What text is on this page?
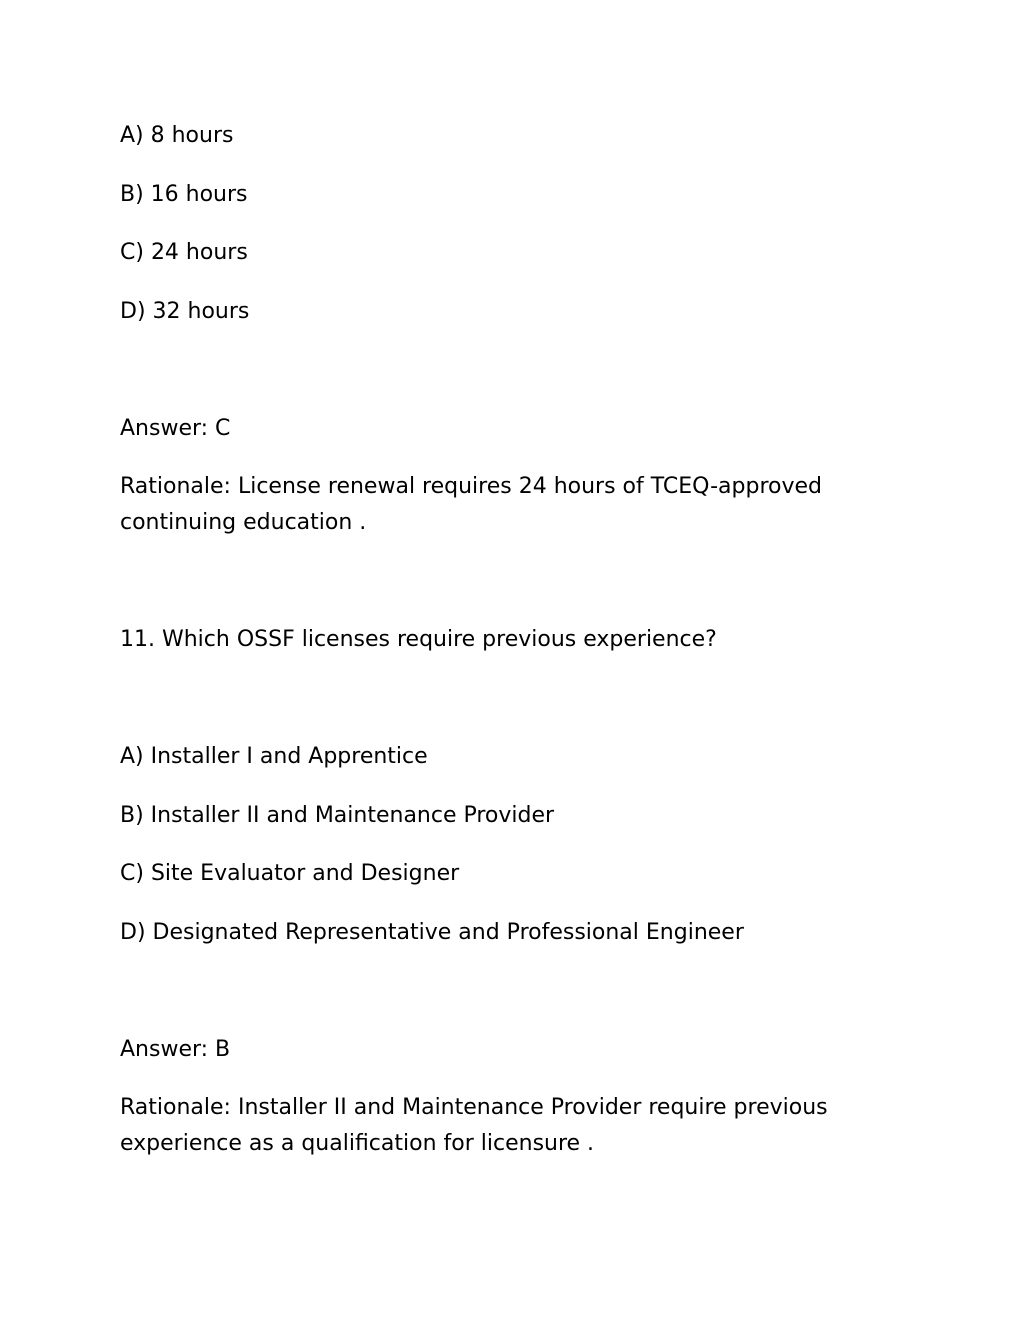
A) 8 hours
B) 16 hours
C) 24 hours
D) 32 hours
Answer: C
Rationale: License renewal requires 24 hours of TCEQ-approved continuing education .
11. Which OSSF licenses require previous experience?
A) Installer I and Apprentice
B) Installer II and Maintenance Provider
C) Site Evaluator and Designer
D) Designated Representative and Professional Engineer
Answer: B
Rationale: Installer II and Maintenance Provider require previous experience as a qualification for licensure .
